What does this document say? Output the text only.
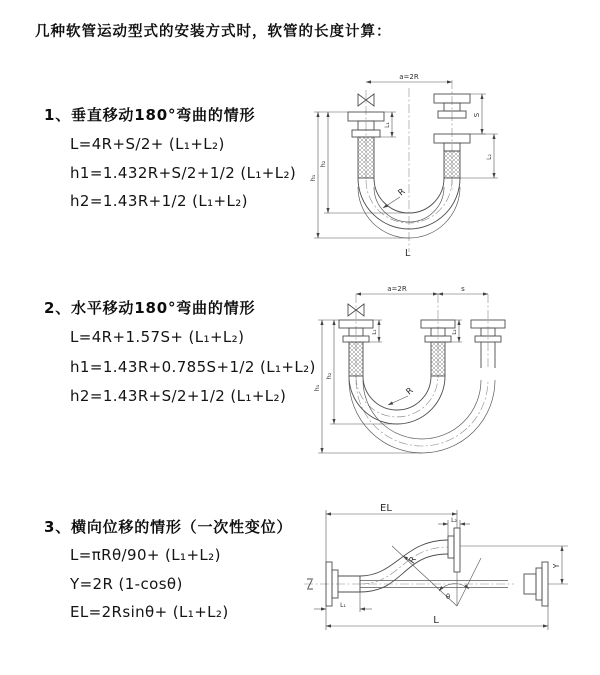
几种软管运动型式的安装方式时，软管的长度计算：
1、垂直移动180°弯曲的情形
L=4R+S/2+ (L₁+L₂)
h1=1.432R+S/2+1/2 (L₁+L₂)
h2=1.43R+1/2 (L₁+L₂)
2、水平移动180°弯曲的情形
L=4R+1.57S+ (L₁+L₂)
h1=1.43R+0.785S+1/2 (L₁+L₂)
h2=1.43R+S/2+1/2 (L₁+L₂)
3、横向位移的情形（一次性变位）
L=πRθ/90+ (L₁+L₂)
Y=2R (1-cosθ)
EL=2Rsinθ+ (L₁+L₂)
a=2R
h₁
h₂
L₁
S
L₂
R
L
a=2R	s
h₁
h₂
L₁	L₂
R
EL
L₂
Y
L
L₁
θ
R
